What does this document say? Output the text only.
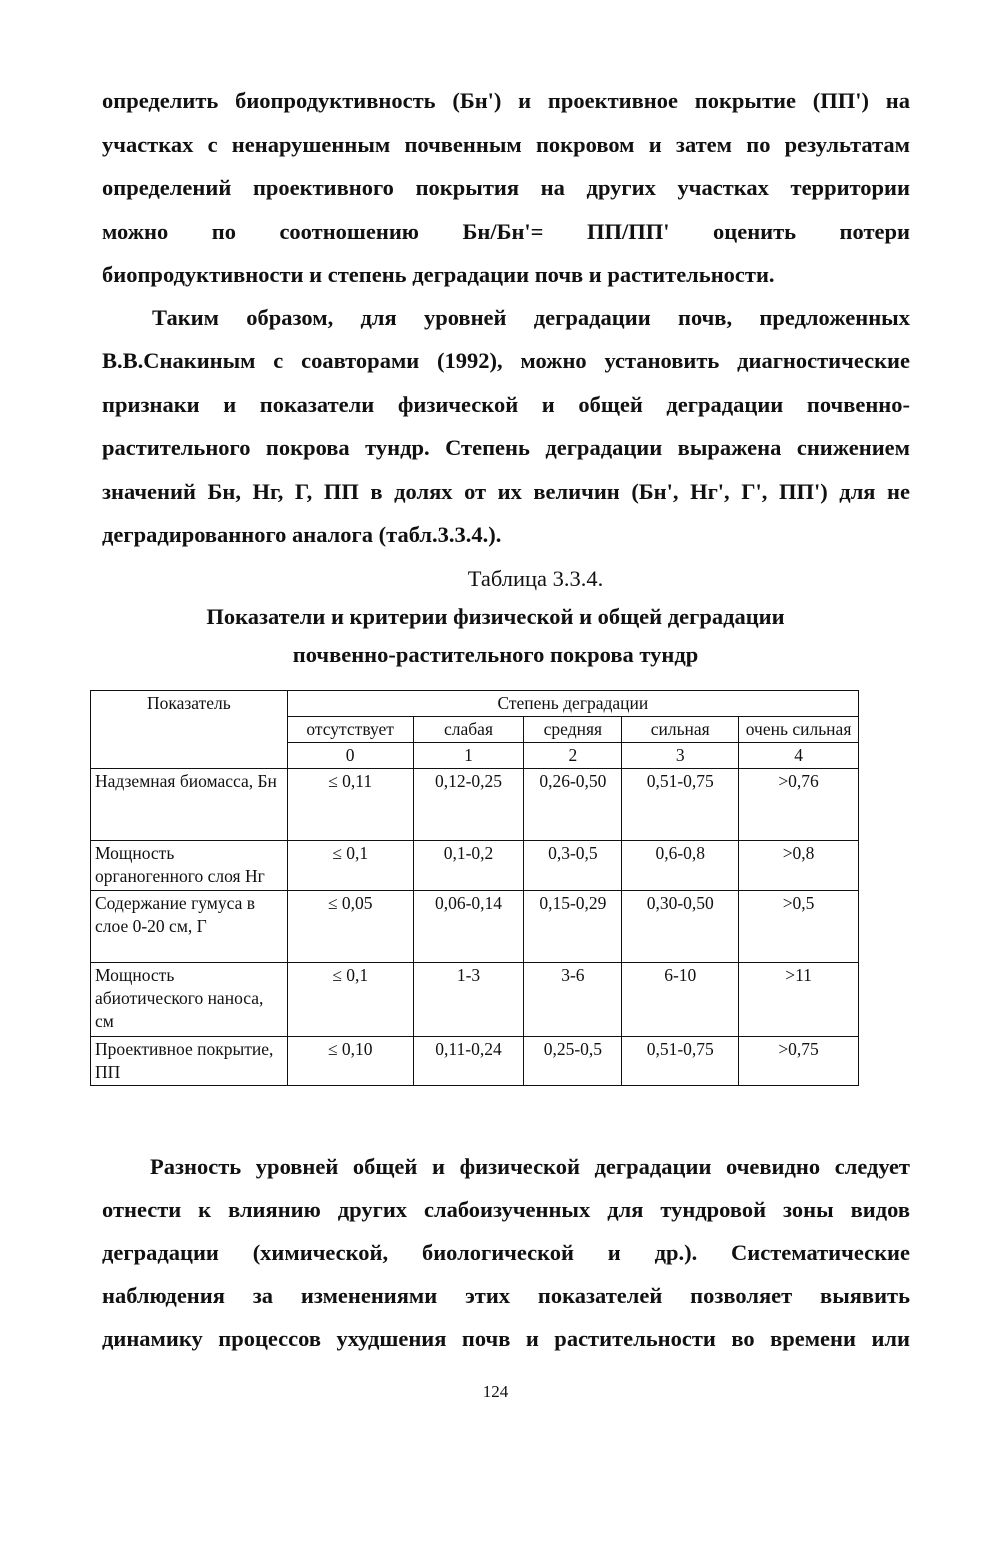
определить биопродуктивность (Бн') и проективное покрытие (ПП') на
участках с ненарушенным почвенным покровом и затем по результатам
определений проективного покрытия на других участках территории
можно по соотношению Бн/Бн'= ПП/ПП' оценить потери
биопродуктивности и степень деградации почв и растительности.
Таким образом, для уровней деградации почв, предложенных
В.В.Снакиным с соавторами (1992), можно установить диагностические
признаки и показатели физической и общей деградации почвенно-
растительного покрова тундр. Степень деградации выражена снижением
значений Бн, Нг, Г, ПП в долях от их величин (Бн', Нг', Г', ПП') для не
деградированного аналога (табл.3.3.4.).
Таблица 3.3.4.
Показатели и критерии физической и общей деградации
почвенно-растительного покрова тундр
Показатель	Степень деградации				
	отсутствует	слабая	средняя	сильная	очень сильная
	0	1	2	3	4
Надземная биомасса, Бн	≤ 0,11	0,12-0,25	0,26-0,50	0,51-0,75	>0,76
Мощность органогенного слоя Нг	≤ 0,1	0,1-0,2	0,3-0,5	0,6-0,8	>0,8
Содержание гумуса в слое 0-20 см, Г	≤ 0,05	0,06-0,14	0,15-0,29	0,30-0,50	>0,5
Мощность абиотического наноса, см	≤ 0,1	1-3	3-6	6-10	>11
Проективное покрытие, ПП	≤ 0,10	0,11-0,24	0,25-0,5	0,51-0,75	>0,75
Разность уровней общей и физической деградации очевидно следует
отнести к влиянию других слабоизученных для тундровой зоны видов
деградации (химической, биологической и др.). Систематические
наблюдения за изменениями этих показателей позволяет выявить
динамику процессов ухудшения почв и растительности во времени или
124
